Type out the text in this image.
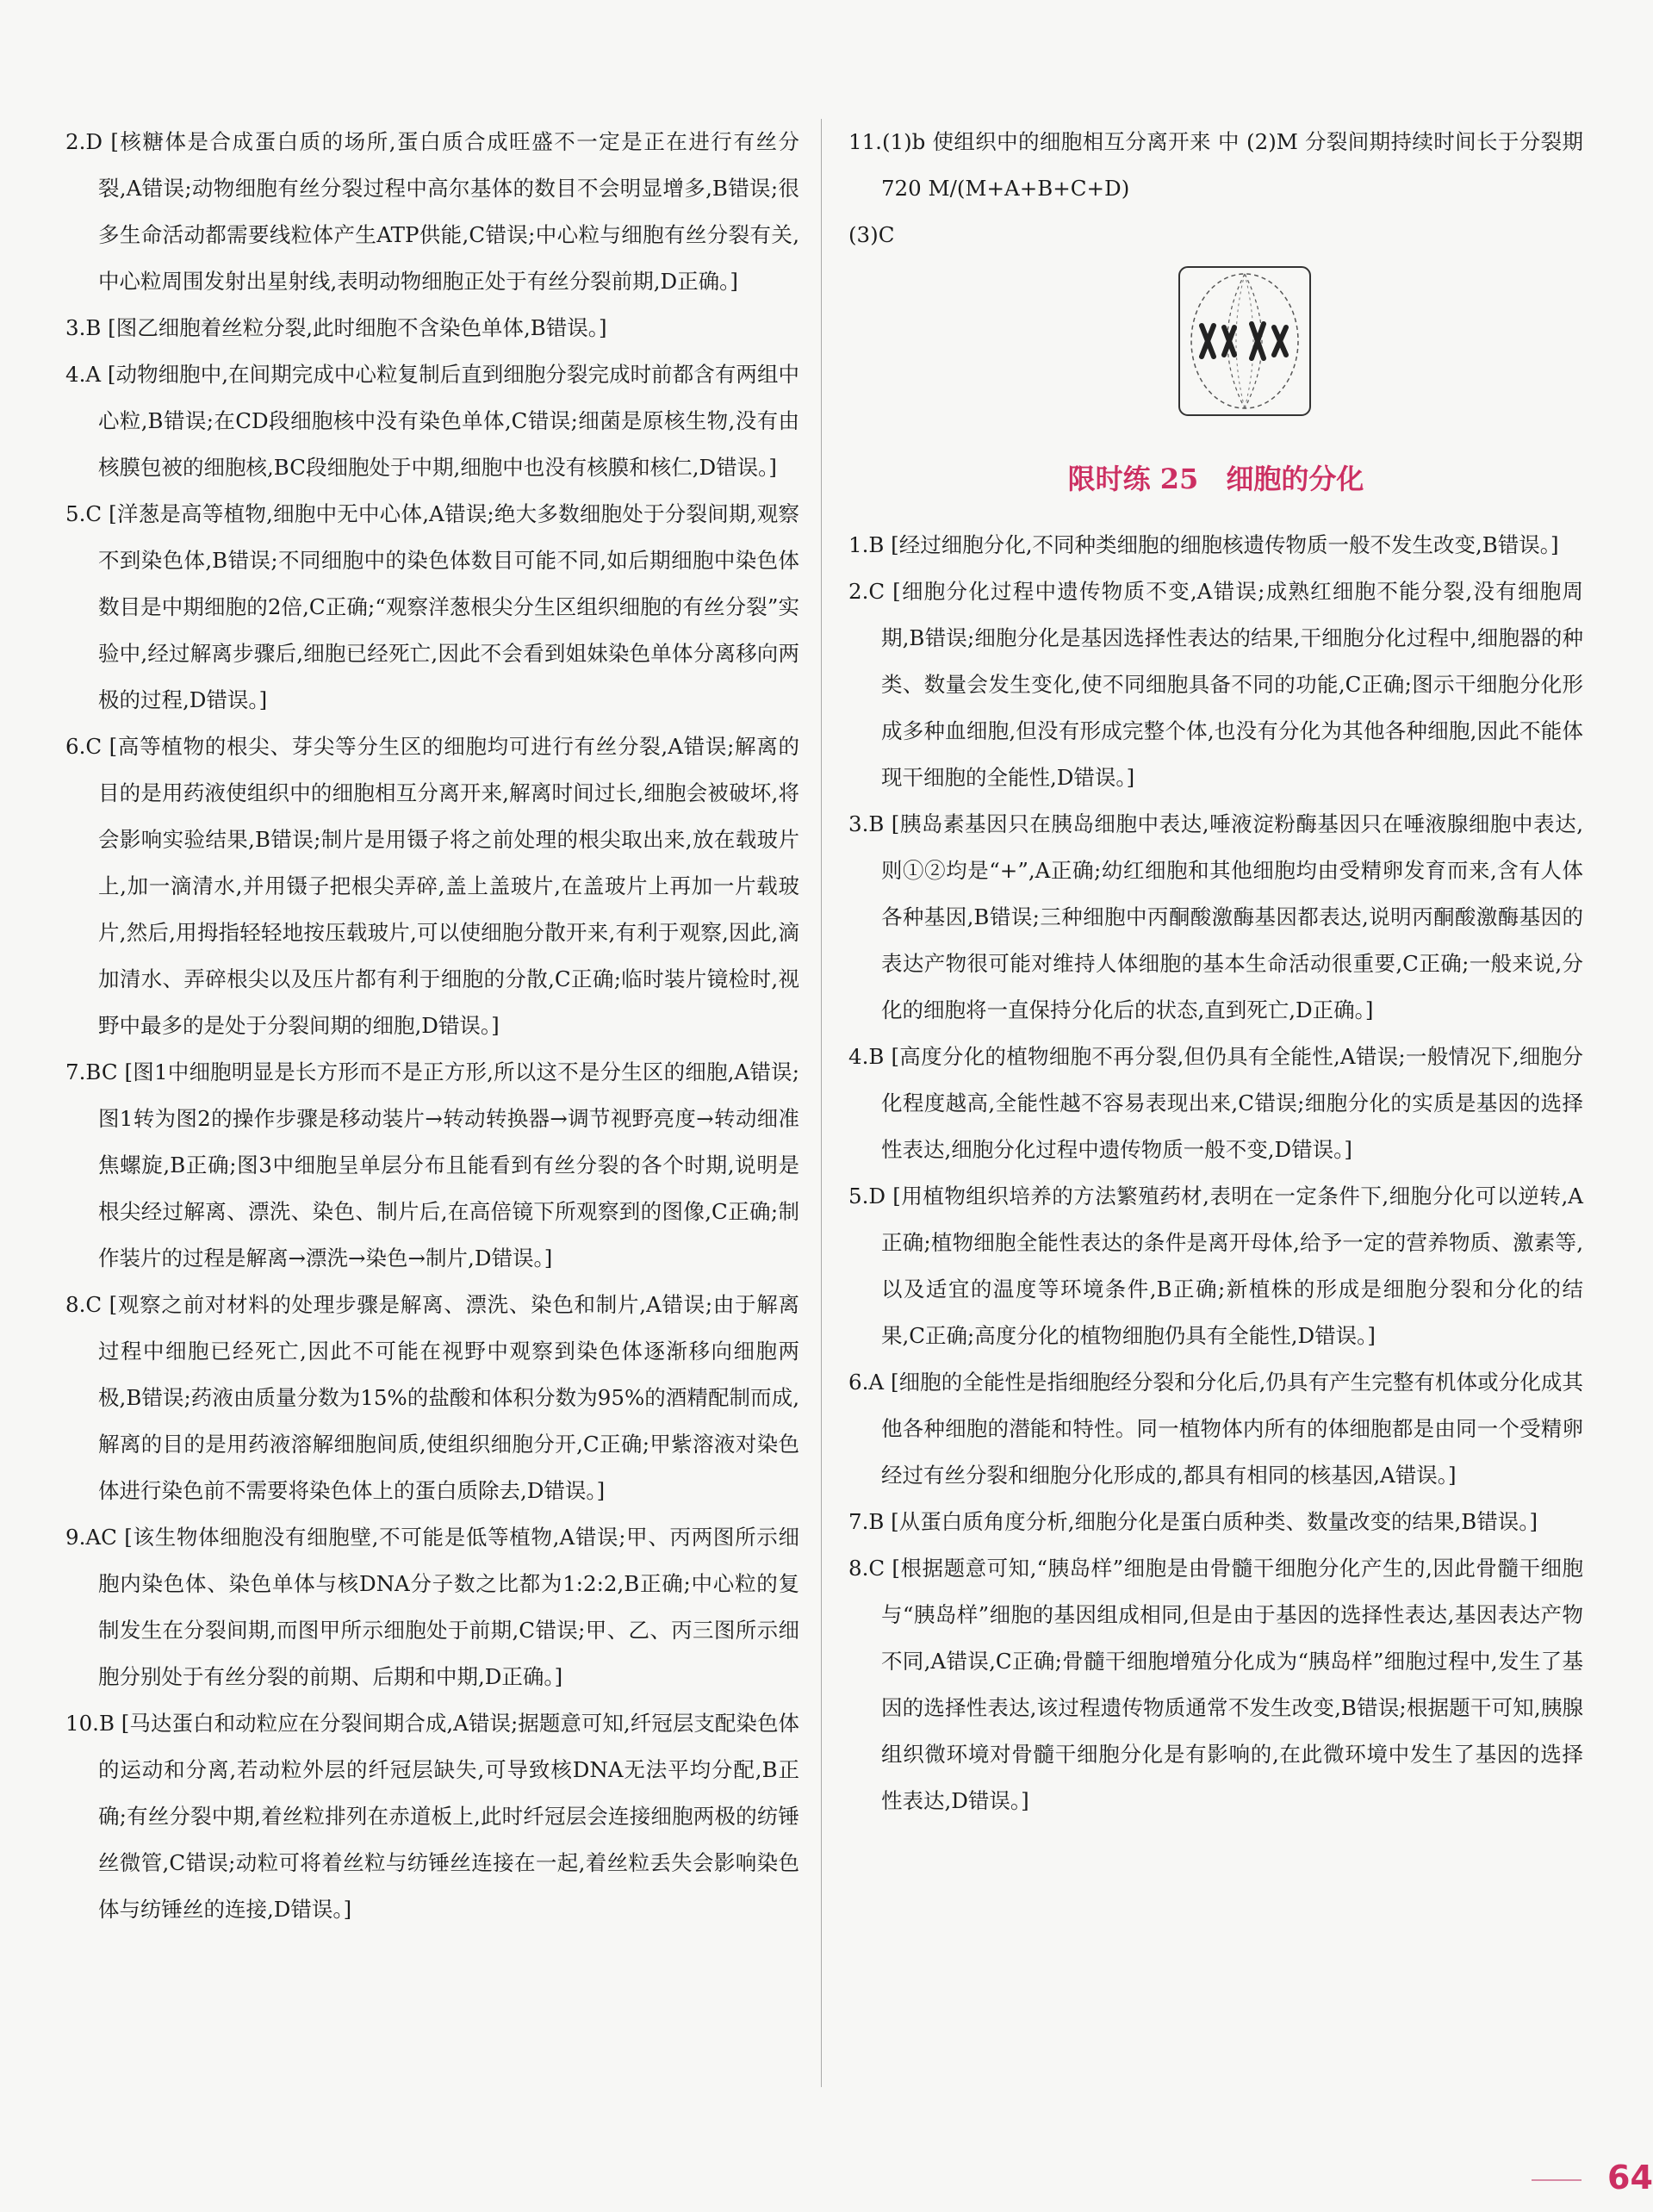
2.D [核糖体是合成蛋白质的场所,蛋白质合成旺盛不一定是正在进行有丝分裂,A错误;动物细胞有丝分裂过程中高尔基体的数目不会明显增多,B错误;很多生命活动都需要线粒体产生ATP供能,C错误;中心粒与细胞有丝分裂有关,中心粒周围发射出星射线,表明动物细胞正处于有丝分裂前期,D正确。]

3.B [图乙细胞着丝粒分裂,此时细胞不含染色单体,B错误。]

4.A [动物细胞中,在间期完成中心粒复制后直到细胞分裂完成时前都含有两组中心粒,B错误;在CD段细胞核中没有染色单体,C错误;细菌是原核生物,没有由核膜包被的细胞核,BC段细胞处于中期,细胞中也没有核膜和核仁,D错误。]

5.C [洋葱是高等植物,细胞中无中心体,A错误;绝大多数细胞处于分裂间期,观察不到染色体,B错误;不同细胞中的染色体数目可能不同,如后期细胞中染色体数目是中期细胞的2倍,C正确;“观察洋葱根尖分生区组织细胞的有丝分裂”实验中,经过解离步骤后,细胞已经死亡,因此不会看到姐妹染色单体分离移向两极的过程,D错误。]

6.C [高等植物的根尖、芽尖等分生区的细胞均可进行有丝分裂,A错误;解离的目的是用药液使组织中的细胞相互分离开来,解离时间过长,细胞会被破坏,将会影响实验结果,B错误;制片是用镊子将之前处理的根尖取出来,放在载玻片上,加一滴清水,并用镊子把根尖弄碎,盖上盖玻片,在盖玻片上再加一片载玻片,然后,用拇指轻轻地按压载玻片,可以使细胞分散开来,有利于观察,因此,滴加清水、弄碎根尖以及压片都有利于细胞的分散,C正确;临时装片镜检时,视野中最多的是处于分裂间期的细胞,D错误。]

7.BC [图1中细胞明显是长方形而不是正方形,所以这不是分生区的细胞,A错误;图1转为图2的操作步骤是移动装片→转动转换器→调节视野亮度→转动细准焦螺旋,B正确;图3中细胞呈单层分布且能看到有丝分裂的各个时期,说明是根尖经过解离、漂洗、染色、制片后,在高倍镜下所观察到的图像,C正确;制作装片的过程是解离→漂洗→染色→制片,D错误。]

8.C [观察之前对材料的处理步骤是解离、漂洗、染色和制片,A错误;由于解离过程中细胞已经死亡,因此不可能在视野中观察到染色体逐渐移向细胞两极,B错误;药液由质量分数为15%的盐酸和体积分数为95%的酒精配制而成,解离的目的是用药液溶解细胞间质,使组织细胞分开,C正确;甲紫溶液对染色体进行染色前不需要将染色体上的蛋白质除去,D错误。]

9.AC [该生物体细胞没有细胞壁,不可能是低等植物,A错误;甲、丙两图所示细胞内染色体、染色单体与核DNA分子数之比都为1:2:2,B正确;中心粒的复制发生在分裂间期,而图甲所示细胞处于前期,C错误;甲、乙、丙三图所示细胞分别处于有丝分裂的前期、后期和中期,D正确。]

10.B [马达蛋白和动粒应在分裂间期合成,A错误;据题意可知,纤冠层支配染色体的运动和分离,若动粒外层的纤冠层缺失,可导致核DNA无法平均分配,B正确;有丝分裂中期,着丝粒排列在赤道板上,此时纤冠层会连接细胞两极的纺锤丝微管,C错误;动粒可将着丝粒与纺锤丝连接在一起,着丝粒丢失会影响染色体与纺锤丝的连接,D错误。]

11.(1)b 使组织中的细胞相互分离开来 中 (2)M 分裂间期持续时间长于分裂期 720 M/(M+A+B+C+D)

(3)C

限时练 25 细胞的分化

1.B [经过细胞分化,不同种类细胞的细胞核遗传物质一般不发生改变,B错误。]

2.C [细胞分化过程中遗传物质不变,A错误;成熟红细胞不能分裂,没有细胞周期,B错误;细胞分化是基因选择性表达的结果,干细胞分化过程中,细胞器的种类、数量会发生变化,使不同细胞具备不同的功能,C正确;图示干细胞分化形成多种血细胞,但没有形成完整个体,也没有分化为其他各种细胞,因此不能体现干细胞的全能性,D错误。]

3.B [胰岛素基因只在胰岛细胞中表达,唾液淀粉酶基因只在唾液腺细胞中表达,则①②均是“+”,A正确;幼红细胞和其他细胞均由受精卵发育而来,含有人体各种基因,B错误;三种细胞中丙酮酸激酶基因都表达,说明丙酮酸激酶基因的表达产物很可能对维持人体细胞的基本生命活动很重要,C正确;一般来说,分化的细胞将一直保持分化后的状态,直到死亡,D正确。]

4.B [高度分化的植物细胞不再分裂,但仍具有全能性,A错误;一般情况下,细胞分化程度越高,全能性越不容易表现出来,C错误;细胞分化的实质是基因的选择性表达,细胞分化过程中遗传物质一般不变,D错误。]

5.D [用植物组织培养的方法繁殖药材,表明在一定条件下,细胞分化可以逆转,A正确;植物细胞全能性表达的条件是离开母体,给予一定的营养物质、激素等,以及适宜的温度等环境条件,B正确;新植株的形成是细胞分裂和分化的结果,C正确;高度分化的植物细胞仍具有全能性,D错误。]

6.A [细胞的全能性是指细胞经分裂和分化后,仍具有产生完整有机体或分化成其他各种细胞的潜能和特性。同一植物体内所有的体细胞都是由同一个受精卵经过有丝分裂和细胞分化形成的,都具有相同的核基因,A错误。]

7.B [从蛋白质角度分析,细胞分化是蛋白质种类、数量改变的结果,B错误。]

8.C [根据题意可知,“胰岛样”细胞是由骨髓干细胞分化产生的,因此骨髓干细胞与“胰岛样”细胞的基因组成相同,但是由于基因的选择性表达,基因表达产物不同,A错误,C正确;骨髓干细胞增殖分化成为“胰岛样”细胞过程中,发生了基因的选择性表达,该过程遗传物质通常不发生改变,B错误;根据题干可知,胰腺组织微环境对骨髓干细胞分化是有影响的,在此微环境中发生了基因的选择性表达,D错误。]

64
